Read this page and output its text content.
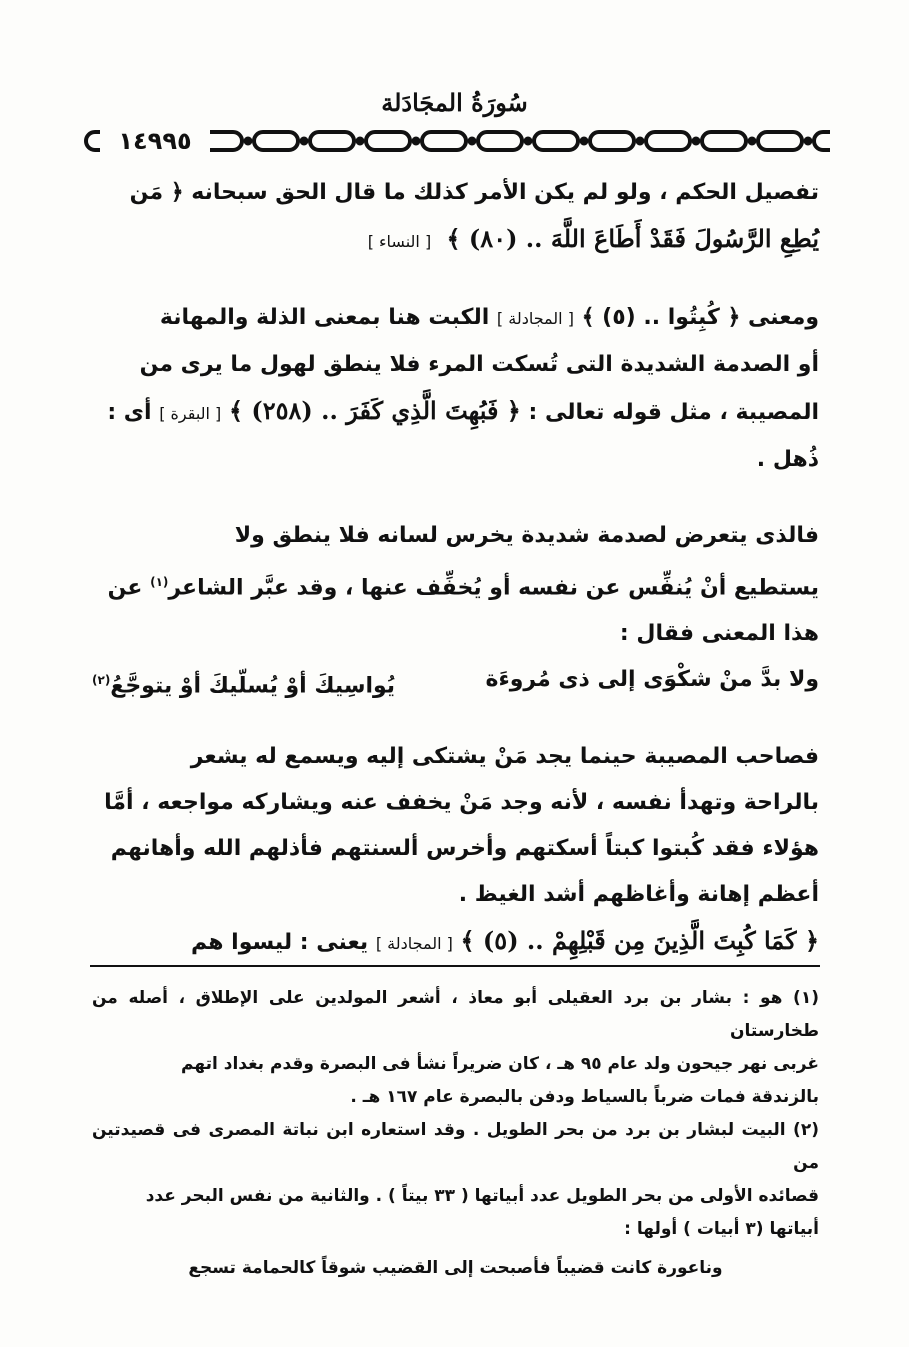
سُورَةُ المجَادَلة
١٤٩٩٥

تفصيل الحكم ، ولو لم يكن الأمر كذلك ما قال الحق سبحانه ﴿ مَن

يُطِعِ الرَّسُولَ فَقَدْ أَطَاعَ اللَّهَ .. (٨٠) ﴾  [ النساء ]

ومعنى ﴿ كُبِتُوا .. (٥) ﴾ [ المجادلة ] الكبت هنا بمعنى الذلة والمهانة

أو الصدمة الشديدة التى تُسكت المرء فلا ينطق لهول ما يرى من

المصيبة ، مثل قوله تعالى : ﴿ فَبُهِتَ الَّذِي كَفَرَ .. (٢٥٨) ﴾ [ البقرة ] أى :

ذُهل .

فالذى يتعرض لصدمة شديدة يخرس لسانه فلا ينطق ولا

يستطيع أنْ يُنفِّس عن نفسه أو يُخفِّف عنها ، وقد عبَّر الشاعر$^{(١)}$ عن

هذا المعنى فقال :

ولا بدَّ منْ شكْوَى إلى ذى مُروءَة
يُواسِيكَ أوْ يُسلّيكَ أوْ يتوجَّعُ$^{(٢)}$

فصاحب المصيبة حينما يجد مَنْ يشتكى إليه ويسمع له يشعر

بالراحة وتهدأ نفسه ، لأنه وجد مَنْ يخفف عنه ويشاركه مواجعه ، أمَّا

هؤلاء فقد كُبتوا كبتاً أسكتهم وأخرس ألسنتهم فأذلهم الله وأهانهم

أعظم إهانة وأغاظهم أشد الغيظ .

﴿ كَمَا كُبِتَ الَّذِينَ مِن قَبْلِهِمْ .. (٥) ﴾ [ المجادلة ] يعنى : ليسوا هم

(١) هو : بشار بن برد العقيلى أبو معاذ ، أشعر المولدين على الإطلاق ، أصله من طخارستان

غربى نهر جيحون ولد عام ٩٥ هـ ، كان ضريراً نشأ فى البصرة وقدم بغداد اتهم

بالزندقة فمات ضرباً بالسياط ودفن بالبصرة عام ١٦٧ هـ .

(٢) البيت لبشار بن برد من بحر الطويل . وقد استعاره ابن نباتة المصرى فى قصيدتين من

قصائده الأولى من بحر الطويل عدد أبياتها ( ٣٣ بيتاً ) . والثانية من نفس البحر عدد

أبياتها (٣ أبيات ) أولها :

وناعورة كانت قضيباً فأصبحت إلى القضيب شوقاً كالحمامة تسجع
